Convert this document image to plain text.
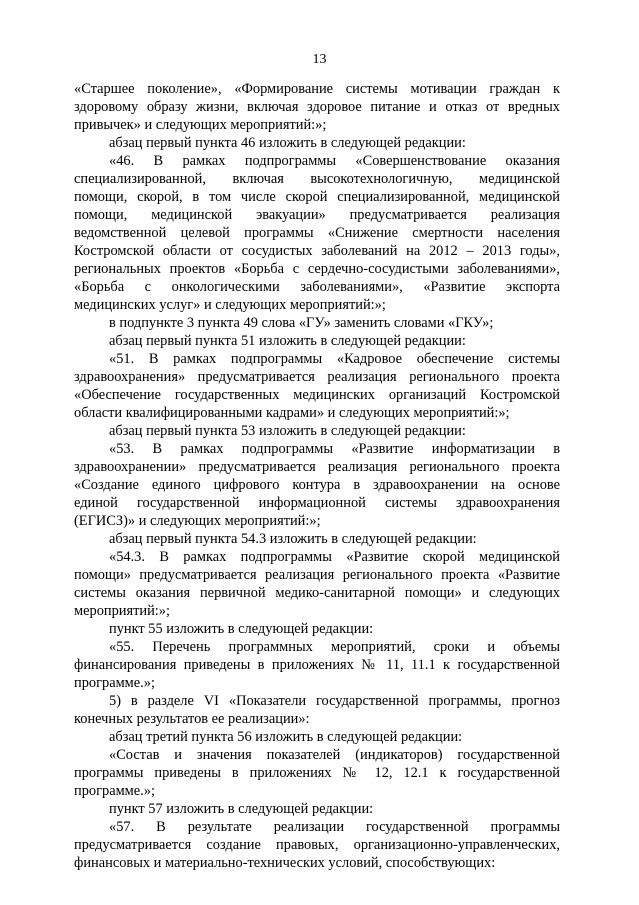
13
«Старшее поколение», «Формирование системы мотивации граждан к
здоровому образу жизни, включая здоровое питание и отказ от вредных
привычек» и следующих мероприятий:»;
абзац первый пункта 46 изложить в следующей редакции:
«46. В рамках подпрограммы «Совершенствование оказания
специализированной, включая высокотехнологичную, медицинской
помощи, скорой, в том числе скорой специализированной, медицинской
помощи, медицинской эвакуации» предусматривается реализация
ведомственной целевой программы «Снижение смертности населения
Костромской области от сосудистых заболеваний на 2012 – 2013 годы»,
региональных проектов «Борьба с сердечно-сосудистыми заболеваниями»,
«Борьба с онкологическими заболеваниями», «Развитие экспорта
медицинских услуг» и следующих мероприятий:»;
в подпункте 3 пункта 49 слова «ГУ» заменить словами «ГКУ»;
абзац первый пункта 51 изложить в следующей редакции:
«51. В рамках подпрограммы «Кадровое обеспечение системы
здравоохранения» предусматривается реализация регионального проекта
«Обеспечение государственных медицинских организаций Костромской
области квалифицированными кадрами» и следующих мероприятий:»;
абзац первый пункта 53 изложить в следующей редакции:
«53. В рамках подпрограммы «Развитие информатизации в
здравоохранении» предусматривается реализация регионального проекта
«Создание единого цифрового контура в здравоохранении на основе
единой государственной информационной системы здравоохранения
(ЕГИСЗ)» и следующих мероприятий:»;
абзац первый пункта 54.3 изложить в следующей редакции:
«54.3. В рамках подпрограммы «Развитие скорой медицинской
помощи» предусматривается реализация регионального проекта «Развитие
системы оказания первичной медико-санитарной помощи» и следующих
мероприятий:»;
пункт 55 изложить в следующей редакции:
«55. Перечень программных мероприятий, сроки и объемы
финансирования приведены в приложениях № 11, 11.1 к государственной
программе.»;
5) в разделе VI «Показатели государственной программы, прогноз
конечных результатов ее реализации»:
абзац третий пункта 56 изложить в следующей редакции:
«Состав и значения показателей (индикаторов) государственной
программы приведены в приложениях № 12, 12.1 к государственной
программе.»;
пункт 57 изложить в следующей редакции:
«57. В результате реализации государственной программы
предусматривается создание правовых, организационно-управленческих,
финансовых и материально-технических условий, способствующих:
